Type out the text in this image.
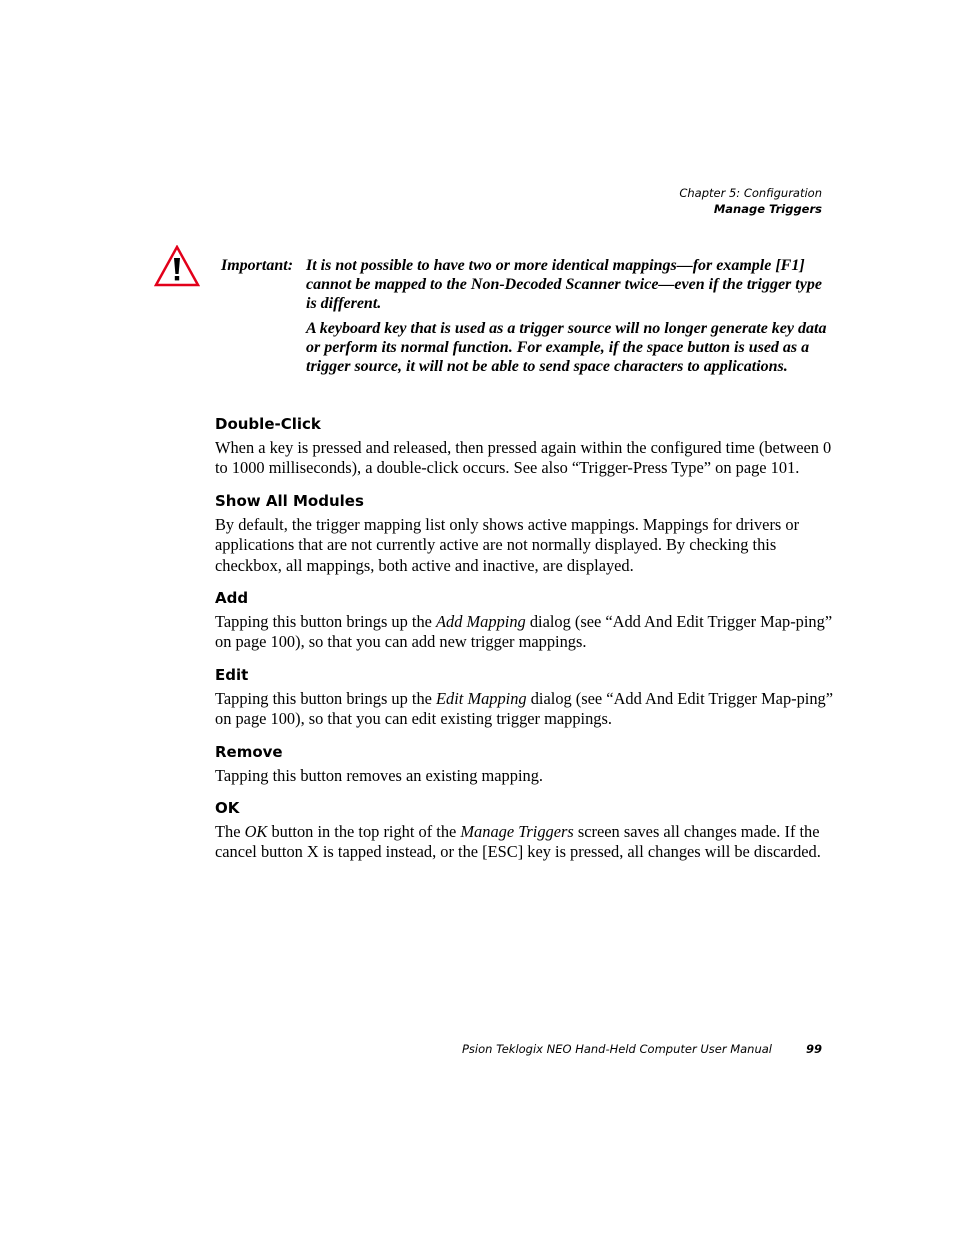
Chapter 5: Configuration
Manage Triggers
Important: It is not possible to have two or more identical mappings—for example [F1] cannot be mapped to the Non-Decoded Scanner twice—even if the trigger type is different.

A keyboard key that is used as a trigger source will no longer generate key data or perform its normal function. For example, if the space button is used as a trigger source, it will not be able to send space characters to applications.

Double-Click

When a key is pressed and released, then pressed again within the configured time (between 0 to 1000 milliseconds), a double-click occurs. See also “Trigger-Press Type” on page 101.

Show All Modules

By default, the trigger mapping list only shows active mappings. Mappings for drivers or applications that are not currently active are not normally displayed. By checking this checkbox, all mappings, both active and inactive, are displayed.

Add

Tapping this button brings up the Add Mapping dialog (see “Add And Edit Trigger Map-ping” on page 100), so that you can add new trigger mappings.

Edit

Tapping this button brings up the Edit Mapping dialog (see “Add And Edit Trigger Map-ping” on page 100), so that you can edit existing trigger mappings.

Remove

Tapping this button removes an existing mapping.

OK

The OK button in the top right of the Manage Triggers screen saves all changes made. If the cancel button X is tapped instead, or the [ESC] key is pressed, all changes will be discarded.

Psion Teklogix NEO Hand-Held Computer User Manual	99
